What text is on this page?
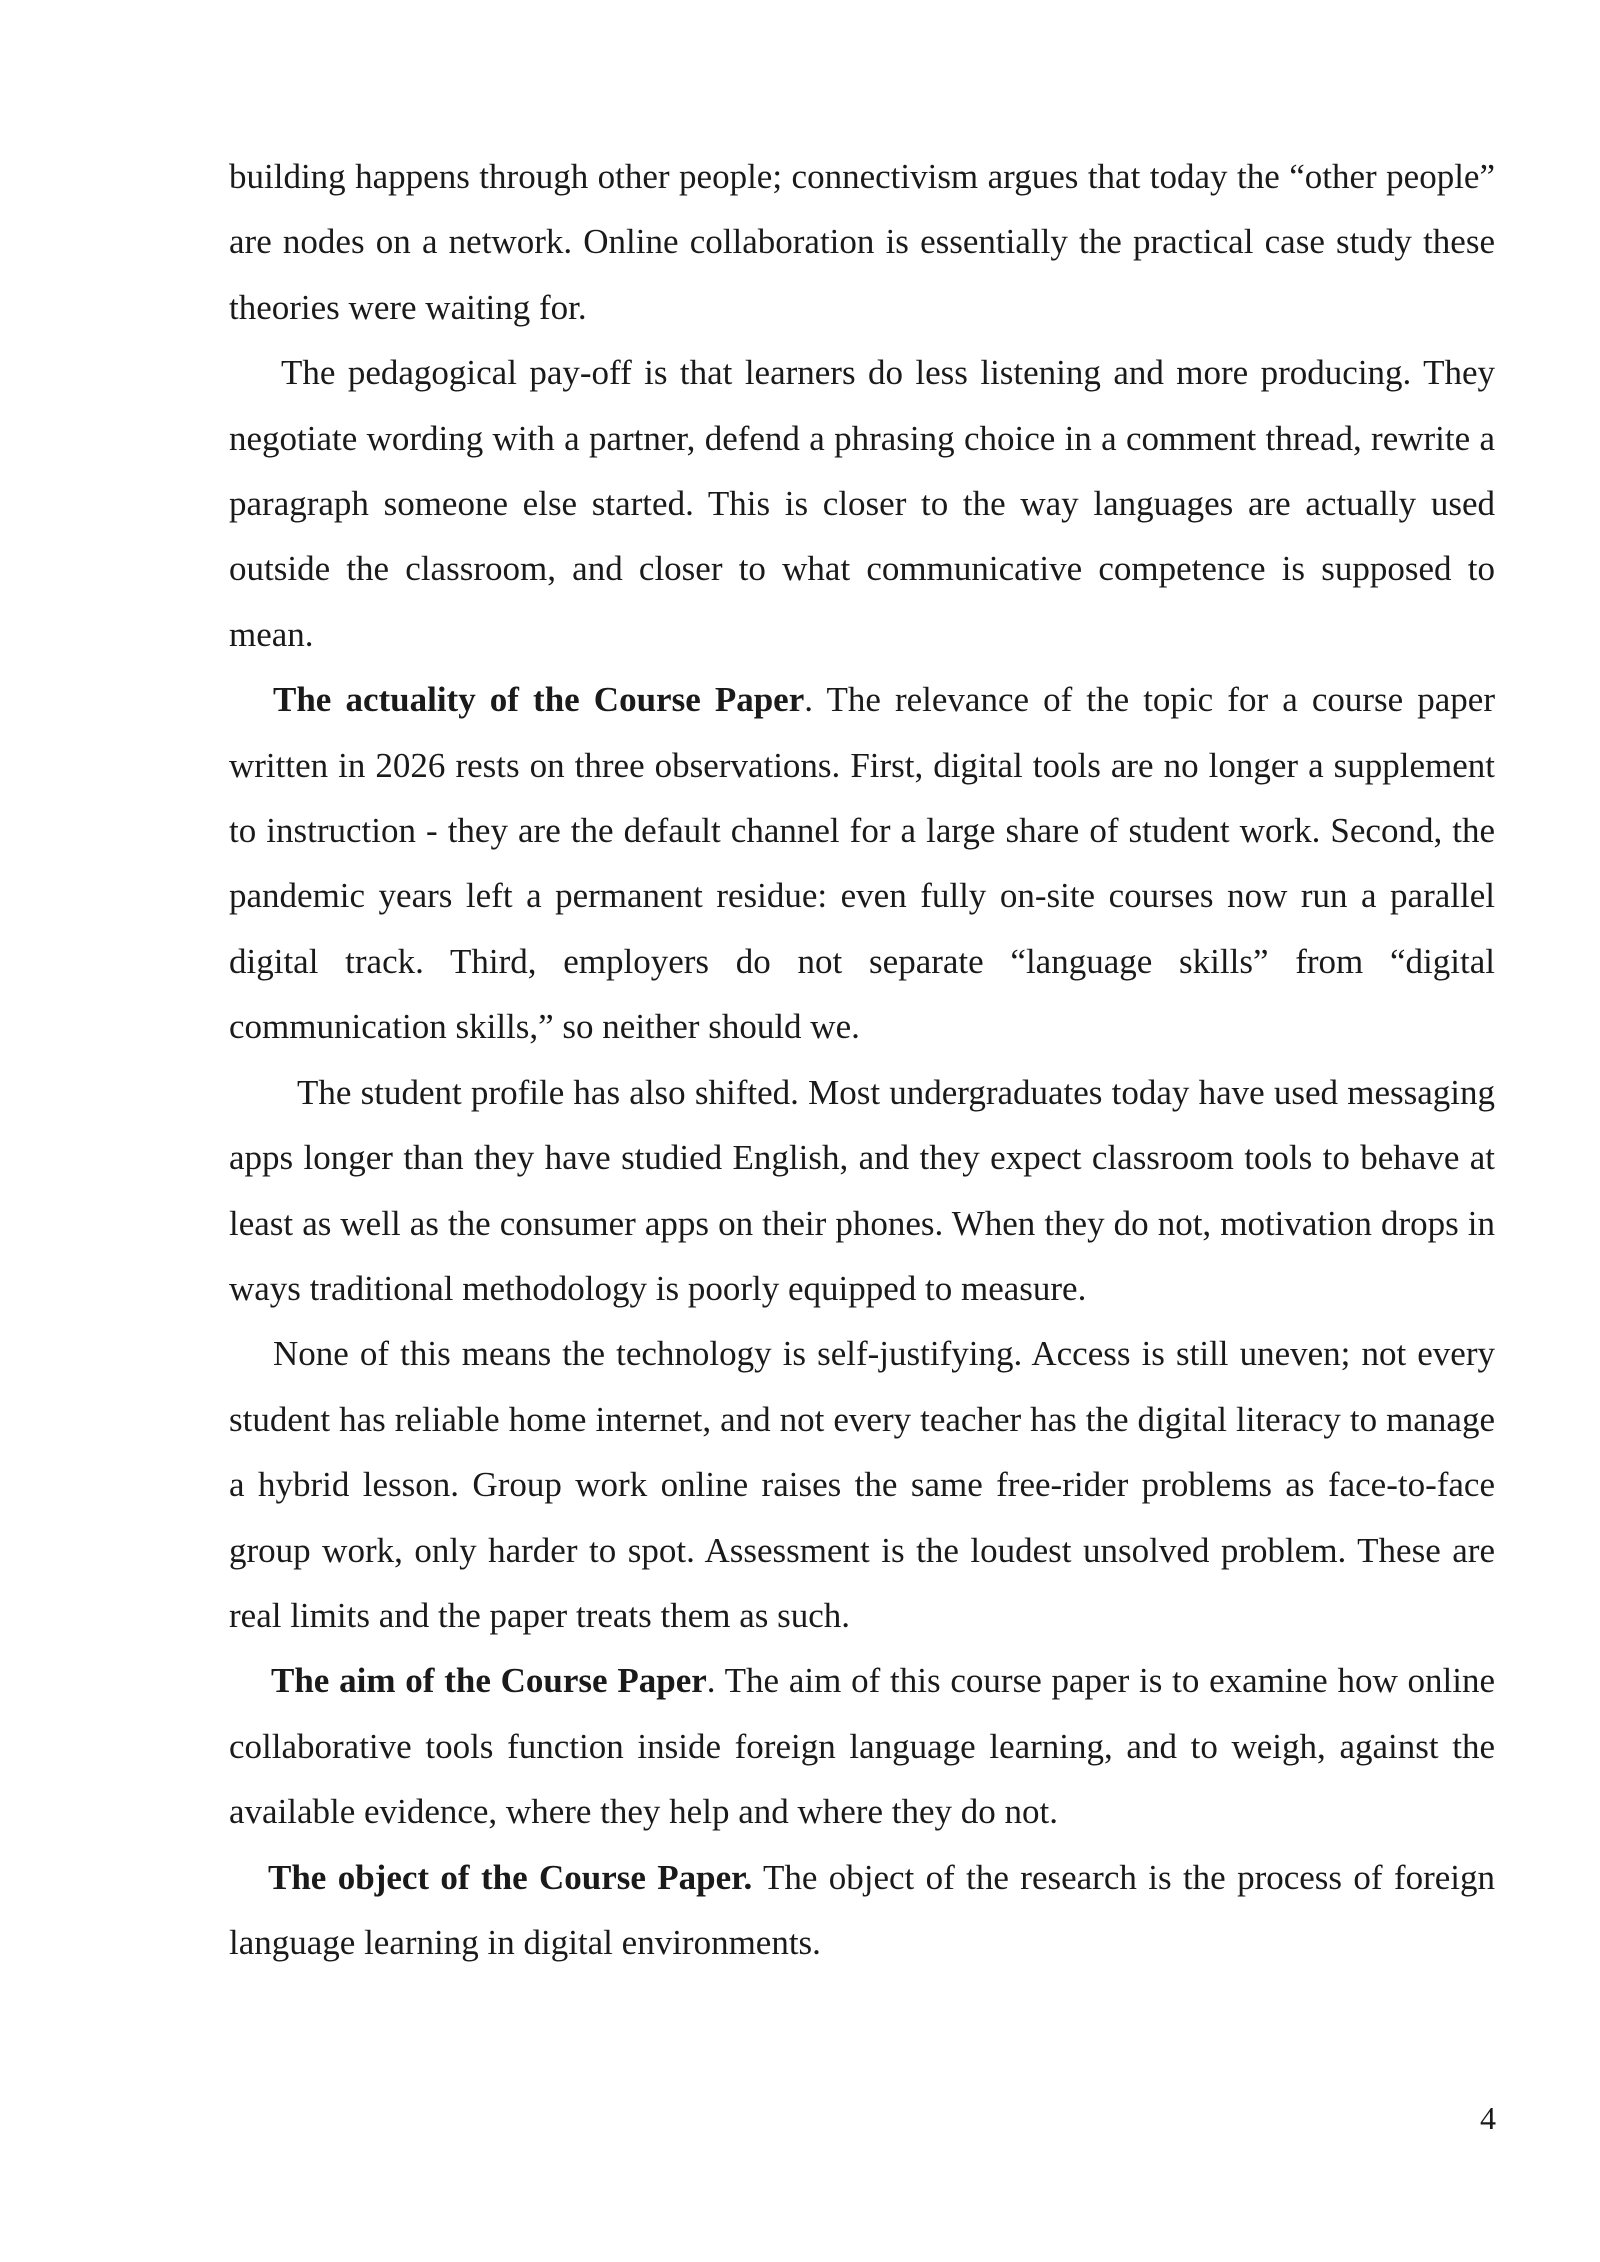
building happens through other people; connectivism argues that today the “other people” are nodes on a network. Online collaboration is essentially the practical case study these theories were waiting for.

The pedagogical pay-off is that learners do less listening and more producing. They negotiate wording with a partner, defend a phrasing choice in a comment thread, rewrite a paragraph someone else started. This is closer to the way languages are actually used outside the classroom, and closer to what communicative competence is supposed to mean.

The actuality of the Course Paper. The relevance of the topic for a course paper written in 2026 rests on three observations. First, digital tools are no longer a supplement to instruction - they are the default channel for a large share of student work. Second, the pandemic years left a permanent residue: even fully on-site courses now run a parallel digital track. Third, employers do not separate “language skills” from “digital communication skills,” so neither should we.

The student profile has also shifted. Most undergraduates today have used messaging apps longer than they have studied English, and they expect classroom tools to behave at least as well as the consumer apps on their phones. When they do not, motivation drops in ways traditional methodology is poorly equipped to measure.

None of this means the technology is self-justifying. Access is still uneven; not every student has reliable home internet, and not every teacher has the digital literacy to manage a hybrid lesson. Group work online raises the same free-rider problems as face-to-face group work, only harder to spot. Assessment is the loudest unsolved problem. These are real limits and the paper treats them as such.

The aim of the Course Paper. The aim of this course paper is to examine how online collaborative tools function inside foreign language learning, and to weigh, against the available evidence, where they help and where they do not.

The object of the Course Paper. The object of the research is the process of foreign language learning in digital environments.

4
